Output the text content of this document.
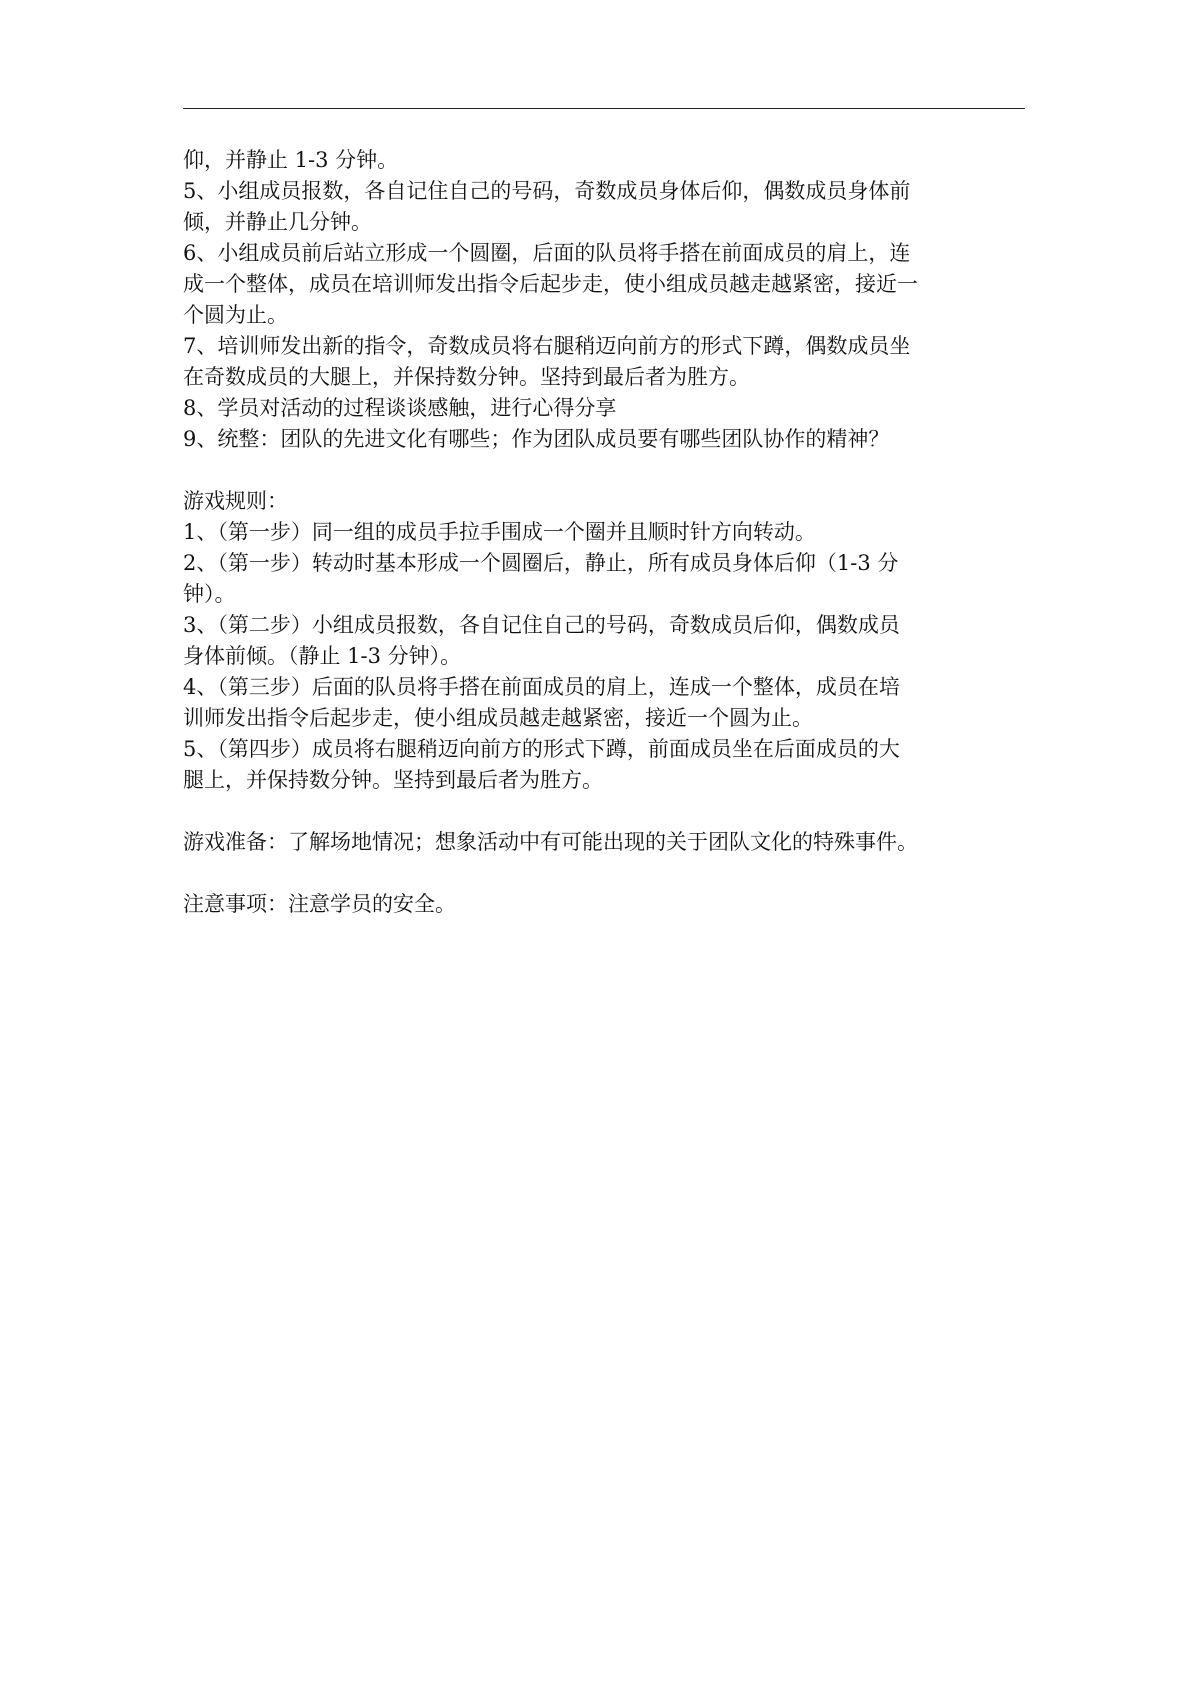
仰，并静止 1-3 分钟。
5、小组成员报数，各自记住自己的号码，奇数成员身体后仰，偶数成员身体前
倾，并静止几分钟。
6、小组成员前后站立形成一个圆圈，后面的队员将手搭在前面成员的肩上，连
成一个整体，成员在培训师发出指令后起步走，使小组成员越走越紧密，接近一
个圆为止。
7、培训师发出新的指令，奇数成员将右腿稍迈向前方的形式下蹲，偶数成员坐
在奇数成员的大腿上，并保持数分钟。坚持到最后者为胜方。
8、学员对活动的过程谈谈感触，进行心得分享
9、统整：团队的先进文化有哪些；作为团队成员要有哪些团队协作的精神？
游戏规则：
1、（第一步）同一组的成员手拉手围成一个圈并且顺时针方向转动。
2、（第一步）转动时基本形成一个圆圈后，静止，所有成员身体后仰（1-3 分
钟）。
3、（第二步）小组成员报数，各自记住自己的号码，奇数成员后仰，偶数成员
身体前倾。（静止 1-3 分钟）。
4、（第三步）后面的队员将手搭在前面成员的肩上，连成一个整体，成员在培
训师发出指令后起步走，使小组成员越走越紧密，接近一个圆为止。
5、（第四步）成员将右腿稍迈向前方的形式下蹲，前面成员坐在后面成员的大
腿上，并保持数分钟。坚持到最后者为胜方。
游戏准备：了解场地情况；想象活动中有可能出现的关于团队文化的特殊事件。
注意事项：注意学员的安全。
